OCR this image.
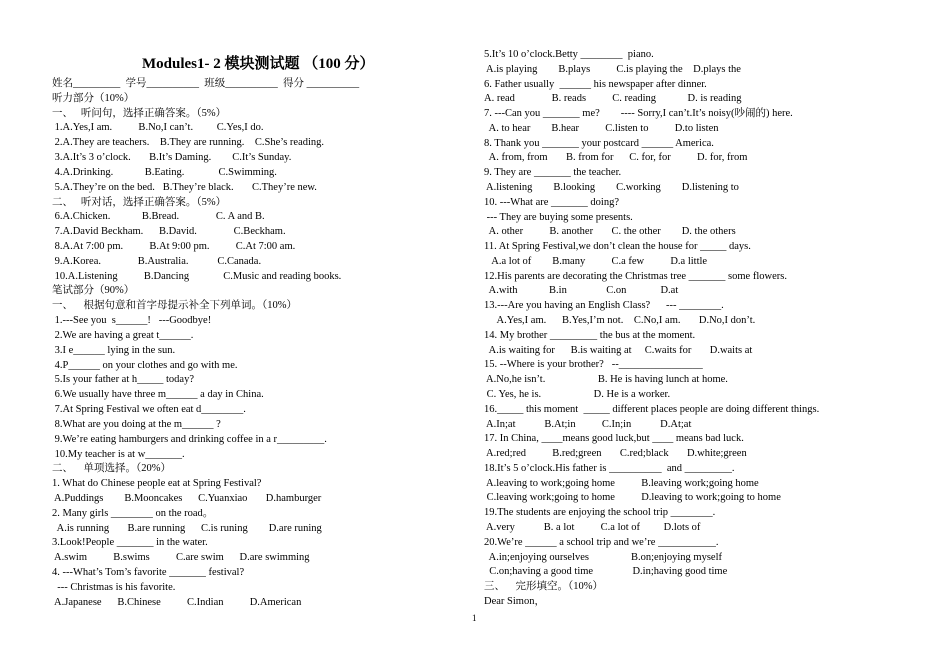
Modules1- 2 模块测试题 （100 分）
姓名_________  学号__________  班级__________  得分 __________
听力部分（10%）
一、   听问句，选择正确答案。（5%）
1.A.Yes,I am.          B.No,I can’t.         C.Yes,I do.
2.A.They are teachers.    B.They are running.    C.She’s reading.
3.A.It’s 3 o’clock.       B.It’s Daming.        C.It’s Sunday.
4.A.Drinking.            B.Eating.             C.Swimming.
5.A.They’re on the bed.   B.They’re black.       C.They’re new.
二、   听对话，选择正确答案。（5%）
6.A.Chicken.            B.Bread.              C. A and B.
7.A.David Beckham.      B.David.              C.Beckham.
8.A.At 7:00 pm.          B.At 9:00 pm.          C.At 7:00 am.
9.A.Korea.              B.Australia.           C.Canada.
10.A.Listening          B.Dancing             C.Music and reading books.
笔试部分（90%）
一、    根据句意和首字母提示补全下列单词。（10%）
1.---See you  s______!   ---Goodbye!
2.We are having a great t______.
3.I e______ lying in the sun.
4.P______ on your clothes and go with me.
5.Is your father at h_____ today?
6.We usually have three m______ a day in China.
7.At Spring Festival we often eat d________.
8.What are you doing at the m______ ?
9.We’re eating hamburgers and drinking coffee in a r_________.
10.My teacher is at w_______.
二、    单项选择。（20%）
1. What do Chinese people eat at Spring Festival?
A.Puddings        B.Mooncakes      C.Yuanxiao       D.hamburger
2. Many girls ________ on the road。
A.is running       B.are running      C.is runing        D.are runing
3.Look!People _______ in the water.
A.swim          B.swims          C.are swim      D.are swimming
4. ---What’s Tom’s favorite _______ festival?
--- Christmas is his favorite.
A.Japanese      B.Chinese          C.Indian          D.American
5.It’s 10 o’clock.Betty ________  piano.
A.is playing        B.plays          C.is playing the    D.plays the
6. Father usually  ______ his newspaper after dinner.
A. read              B. reads          C. reading            D. is reading
7. ---Can you _______ me?        ---- Sorry,I can’t.It’s noisy(吵闹的) here.
A. to hear        B.hear          C.listen to          D.to listen
8. Thank you _______ your postcard ______ America.
A. from, from       B. from for      C. for, for          D. for, from
9. They are _______ the teacher.
A.listening        B.looking        C.working        D.listening to
10. ---What are _______ doing?
--- They are buying some presents.
A. other          B. another       C. the other        D. the others
11. At Spring Festival,we don’t clean the house for _____ days.
A.a lot of        B.many          C.a few          D.a little
12.His parents are decorating the Christmas tree _______ some flowers.
A.with            B.in               C.on             D.at
13.---Are you having an English Class?      --- ________.
A.Yes,I am.      B.Yes,I’m not.    C.No,I am.       D.No,I don’t.
14. My brother _________ the bus at the moment.
A.is waiting for      B.is waiting at     C.waits for       D.waits at
15. --Where is your brother?   --________________
A.No,he isn’t.                    B. He is having lunch at home.
C. Yes, he is.                    D. He is a worker.
16._____ this moment  _____ different places people are doing different things.
A.In;at           B.At;in          C.In;in           D.At;at
17. In China, ____means good luck,but ____ means bad luck.
A.red;red          B.red;green       C.red;black       D.white;green
18.It’s 5 o’clock.His father is __________  and _________.
A.leaving to work;going home          B.leaving work;going home
C.leaving work;going to home          D.leaving to work;going to home
19.The students are enjoying the school trip ________.
A.very           B. a lot          C.a lot of         D.lots of
20.We’re ______ a school trip and we’re ___________.
A.in;enjoying ourselves                B.on;enjoying myself
C.on;having a good time               D.in;having good time
三、    完形填空。（10%）
Dear Simon，
1
